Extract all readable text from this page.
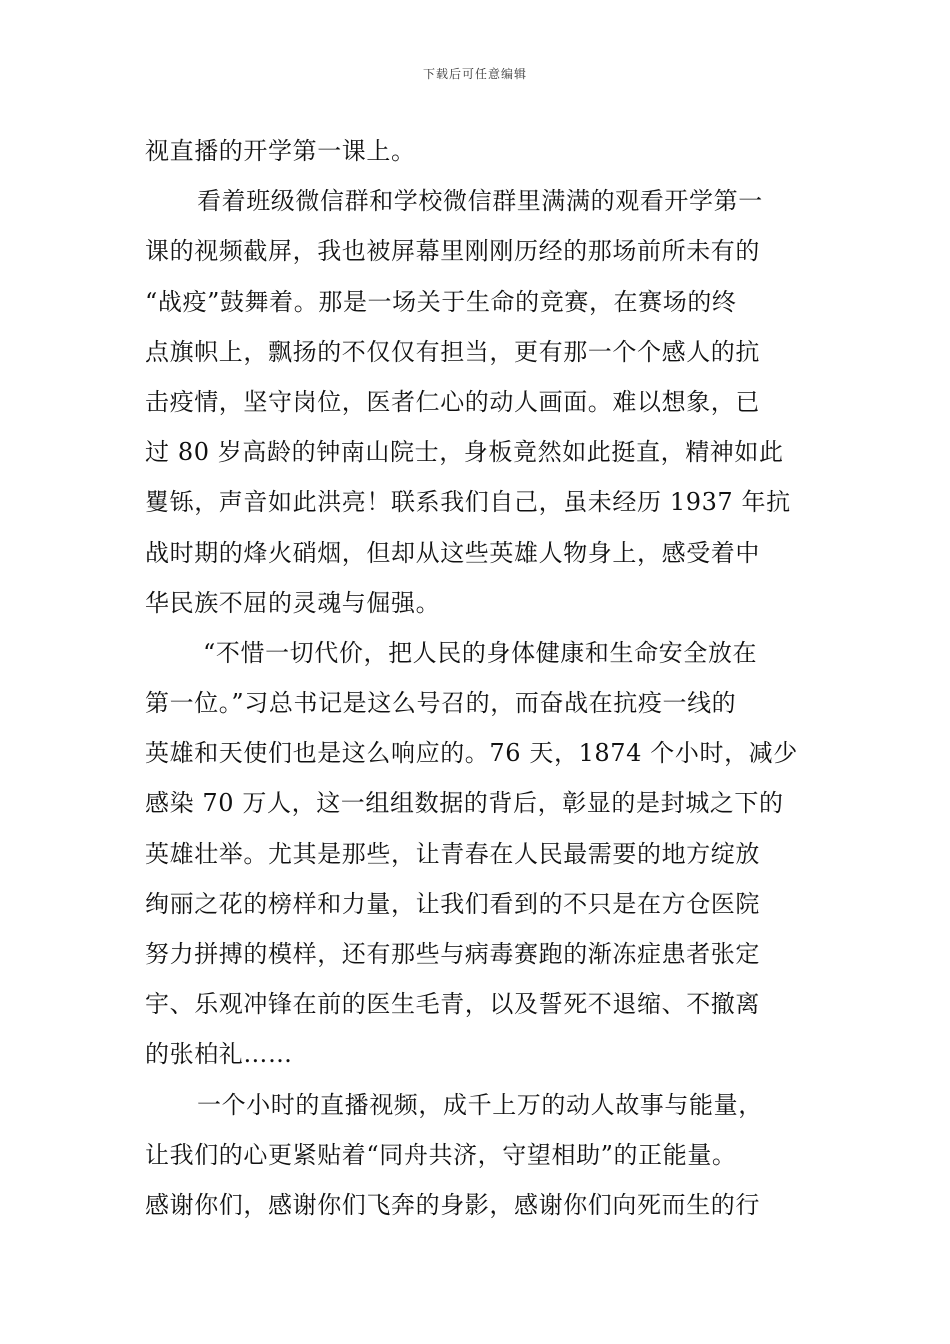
下载后可任意编辑
视直播的开学第一课上。
看着班级微信群和学校微信群里满满的观看开学第一
课的视频截屏，我也被屏幕里刚刚历经的那场前所未有的
“战疫”鼓舞着。那是一场关于生命的竞赛，在赛场的终
点旗帜上，飘扬的不仅仅有担当，更有那一个个感人的抗
击疫情，坚守岗位，医者仁心的动人画面。难以想象，已
过 80 岁高龄的钟南山院士，身板竟然如此挺直，精神如此
矍铄，声音如此洪亮！联系我们自己，虽未经历 1937 年抗
战时期的烽火硝烟，但却从这些英雄人物身上，感受着中
华民族不屈的灵魂与倔强。
“不惜一切代价，把人民的身体健康和生命安全放在
第一位。”习总书记是这么号召的，而奋战在抗疫一线的
英雄和天使们也是这么响应的。76 天，1874 个小时，减少
感染 70 万人，这一组组数据的背后，彰显的是封城之下的
英雄壮举。尤其是那些，让青春在人民最需要的地方绽放
绚丽之花的榜样和力量，让我们看到的不只是在方仓医院
努力拼搏的模样，还有那些与病毒赛跑的渐冻症患者张定
宇、乐观冲锋在前的医生毛青，以及誓死不退缩、不撤离
的张柏礼……
一个小时的直播视频，成千上万的动人故事与能量，
让我们的心更紧贴着“同舟共济，守望相助”的正能量。
感谢你们，感谢你们飞奔的身影，感谢你们向死而生的行
